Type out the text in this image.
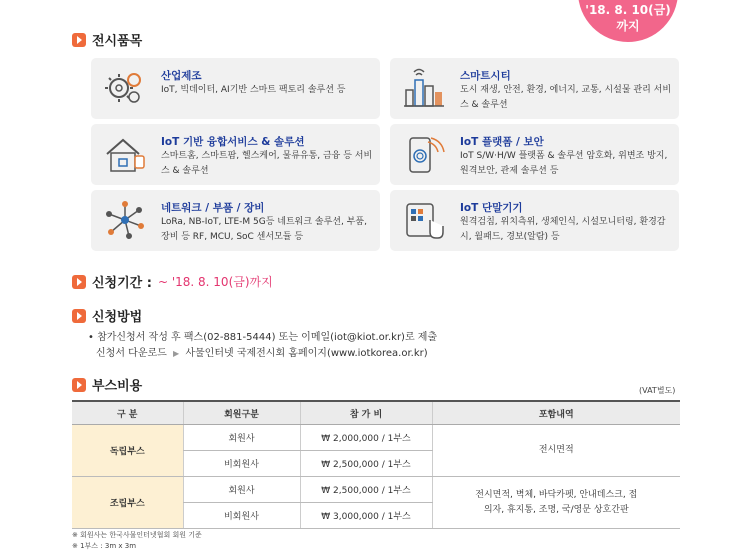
'18. 8. 10(금)
까지
전시품목
산업제조
IoT, 빅데이터, AI기반 스마트 팩토리 솔루션 등
스마트시티
도시 재생, 안전, 환경, 에너지, 교통, 시설물 관리 서비스 & 솔루션
IoT 기반 융합서비스 & 솔루션
스마트홈, 스마트팜, 헬스케어, 물류유통, 금융 등 서비스 & 솔루션
IoT 플랫폼 / 보안
IoT S/W·H/W 플랫폼 & 솔루션 암호화, 위변조 방지, 원격보안, 관제 솔루션 등
네트워크 / 부품 / 장비
LoRa, NB-IoT, LTE-M 5G등 네트워크 솔루션, 부품, 장비 등 RF, MCU, SoC 센서모듈 등
IoT 단말기기
원격검침, 위치측위, 생체인식, 시설모니터링, 환경감시, 월패드, 경보(알람) 등
신청기간 : ~ '18. 8. 10(금)까지
신청방법
• 참가신청서 작성 후 팩스(02-881-5444) 또는 이메일(iot@kiot.or.kr)로 제출
신청서 다운로드 ▶ 사물인터넷 국제전시회 홈페이지(www.iotkorea.or.kr)
부스비용	(VAT별도)
구 분	회원구분	참 가 비	포함내역
독립부스	회원사	₩ 2,000,000 / 1부스	전시면적
	비회원사	₩ 2,500,000 / 1부스	
조립부스	회원사	₩ 2,500,000 / 1부스	전시면적, 벽체, 바닥카펫, 안내데스크, 접의자, 휴지통, 조명, 국/영문 상호간판
	비회원사	₩ 3,000,000 / 1부스	
※ 회원사는 한국사물인터넷협회 회원 기준
※ 1부스 : 3m x 3m
